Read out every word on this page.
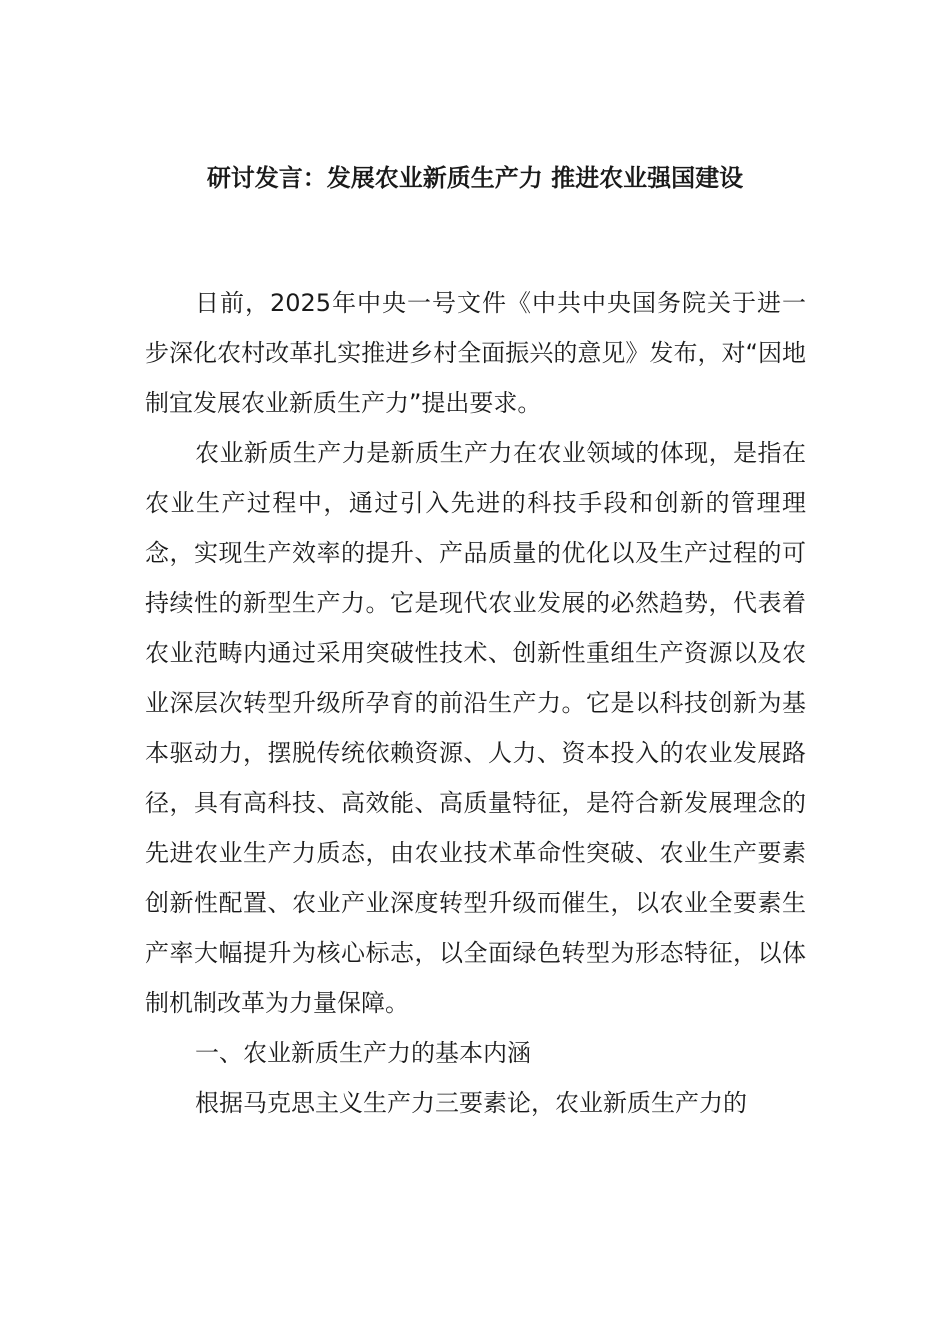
研讨发言：发展农业新质生产力 推进农业强国建设

日前，2025年中央一号文件《中共中央国务院关于进一步深化农村改革扎实推进乡村全面振兴的意见》发布，对“因地制宜发展农业新质生产力”提出要求。

农业新质生产力是新质生产力在农业领域的体现，是指在农业生产过程中，通过引入先进的科技手段和创新的管理理念，实现生产效率的提升、产品质量的优化以及生产过程的可持续性的新型生产力。它是现代农业发展的必然趋势，代表着农业范畴内通过采用突破性技术、创新性重组生产资源以及农业深层次转型升级所孕育的前沿生产力。它是以科技创新为基本驱动力，摆脱传统依赖资源、人力、资本投入的农业发展路径，具有高科技、高效能、高质量特征，是符合新发展理念的先进农业生产力质态，由农业技术革命性突破、农业生产要素创新性配置、农业产业深度转型升级而催生，以农业全要素生产率大幅提升为核心标志，以全面绿色转型为形态特征，以体制机制改革为力量保障。

一、农业新质生产力的基本内涵

根据马克思主义生产力三要素论，农业新质生产力的
